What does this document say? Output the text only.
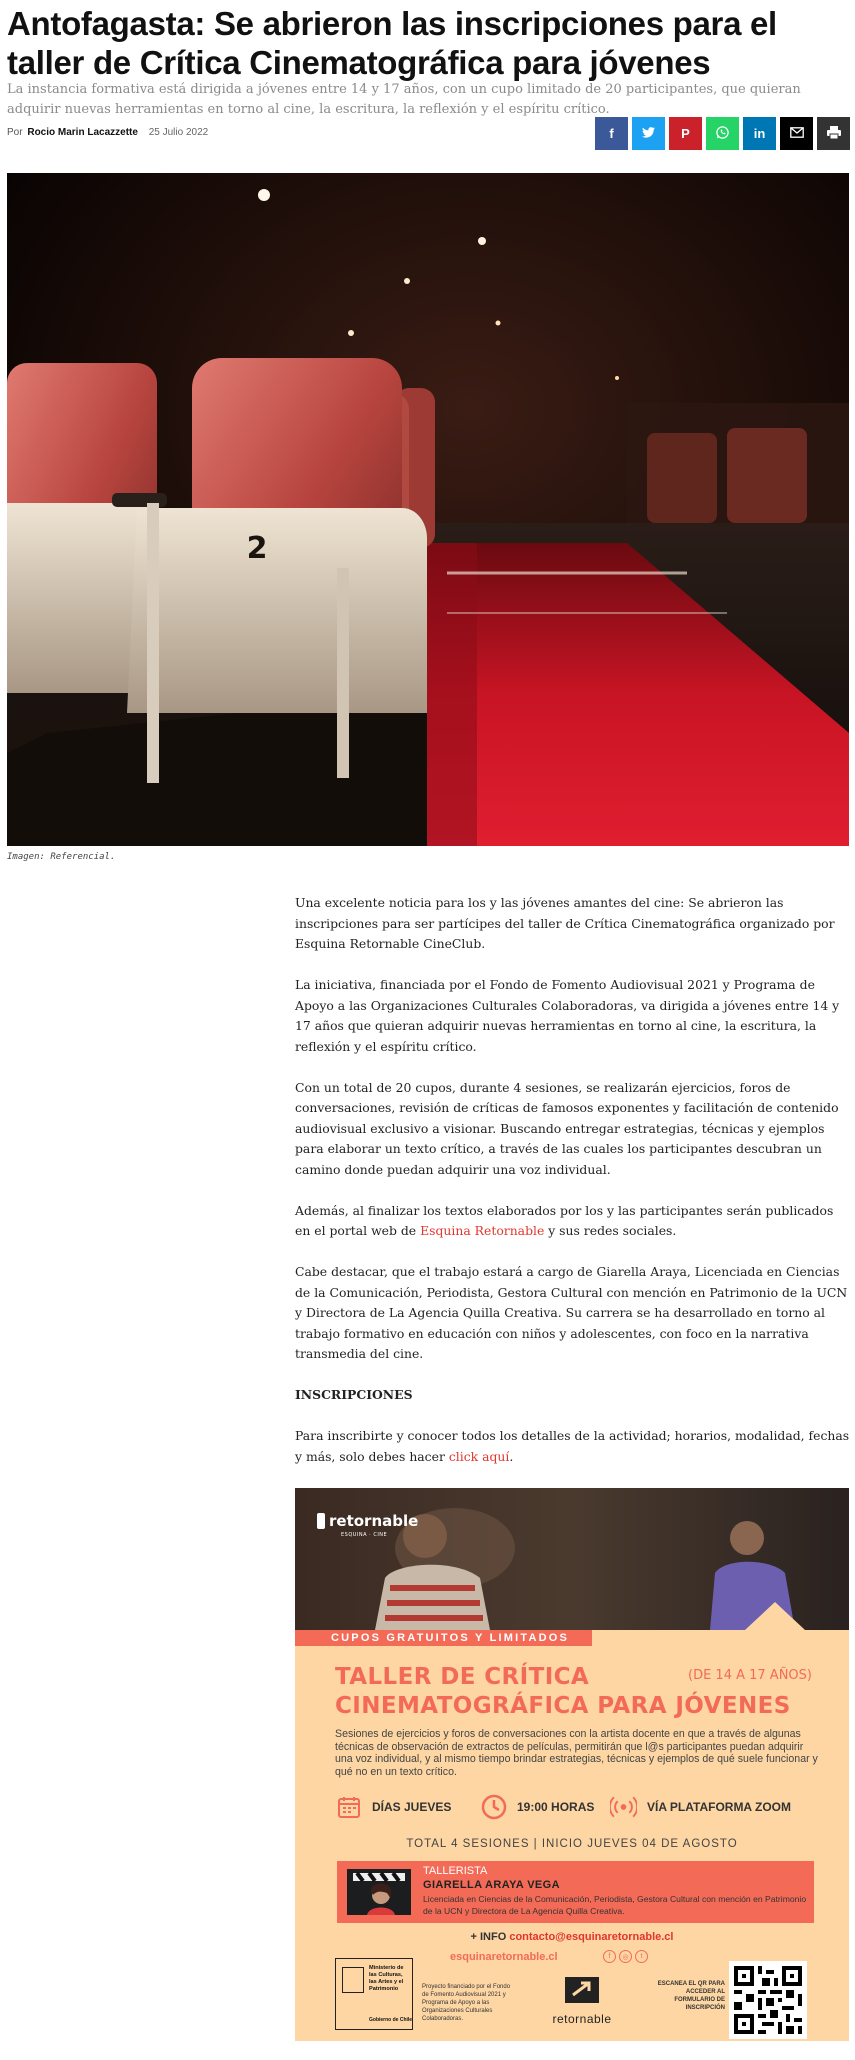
Antofagasta: Se abrieron las inscripciones para el taller de Crítica Cinematográfica para jóvenes

La instancia formativa está dirigida a jóvenes entre 14 y 17 años, con un cupo limitado de 20 participantes, que quieran adquirir nuevas herramientas en torno al cine, la escritura, la reflexión y el espíritu crítico.

Por Rocio Marin Lacazzette 25 Julio 2022	f	P	in
2

Imagen: Referencial.

Una excelente noticia para los y las jóvenes amantes del cine: Se abrieron las inscripciones para ser partícipes del taller de Crítica Cinematográfica organizado por Esquina Retornable CineClub.

La iniciativa, financiada por el Fondo de Fomento Audiovisual 2021 y Programa de Apoyo a las Organizaciones Culturales Colaboradoras, va dirigida a jóvenes entre 14 y 17 años que quieran adquirir nuevas herramientas en torno al cine, la escritura, la reflexión y el espíritu crítico.

Con un total de 20 cupos, durante 4 sesiones, se realizarán ejercicios, foros de conversaciones, revisión de críticas de famosos exponentes y facilitación de contenido audiovisual exclusivo a visionar. Buscando entregar estrategias, técnicas y ejemplos para elaborar un texto crítico, a través de las cuales los participantes descubran un camino donde puedan adquirir una voz individual.

Además, al finalizar los textos elaborados por los y las participantes serán publicados en el portal web de Esquina Retornable y sus redes sociales.

Cabe destacar, que el trabajo estará a cargo de Giarella Araya, Licenciada en Ciencias de la Comunicación, Periodista, Gestora Cultural con mención en Patrimonio de la UCN y Directora de La Agencia Quilla Creativa. Su carrera se ha desarrollado en torno al trabajo formativo en educación con niños y adolescentes, con foco en la narrativa transmedia del cine.

INSCRIPCIONES

Para inscribirte y conocer todos los detalles de la actividad; horarios, modalidad, fechas y más, solo debes hacer click aquí.

retornable
ESQUINA · CINE
CUPOS GRATUITOS Y LIMITADOS
TALLER DE CRÍTICA
CINEMATOGRÁFICA PARA JÓVENES
(DE 14 A 17 AÑOS)

Sesiones de ejercicios y foros de conversaciones con la artista docente en que a través de algunas técnicas de observación de extractos de películas, permitirán que l@s participantes puedan adquirir una voz individual, y al mismo tiempo brindar estrategias, técnicas y ejemplos de qué suele funcionar y qué no en un texto crítico.

DÍAS JUEVES	19:00 HORAS	VÍA PLATAFORMA ZOOM
TOTAL 4 SESIONES | INICIO JUEVES 04 DE AGOSTO
TALLERISTA
GIARELLA ARAYA VEGA
Licenciada en Ciencias de la Comunicación, Periodista, Gestora Cultural con mención en Patrimonio de la UCN y Directora de La Agencia Quilla Creativa.
+ INFO contacto@esquinaretornable.cl
esquinaretornable.cl	f	◎	t
Ministerio de las Culturas, las Artes y el Patrimonio
Gobierno de Chile
Proyecto financiado por el Fondo de Fomento Audiovisual 2021 y Programa de Apoyo a las Organizaciones Culturales Colaboradoras.	retornable
ESCANEA EL QR PARA ACCEDER AL FORMULARIO DE INSCRIPCIÓN
